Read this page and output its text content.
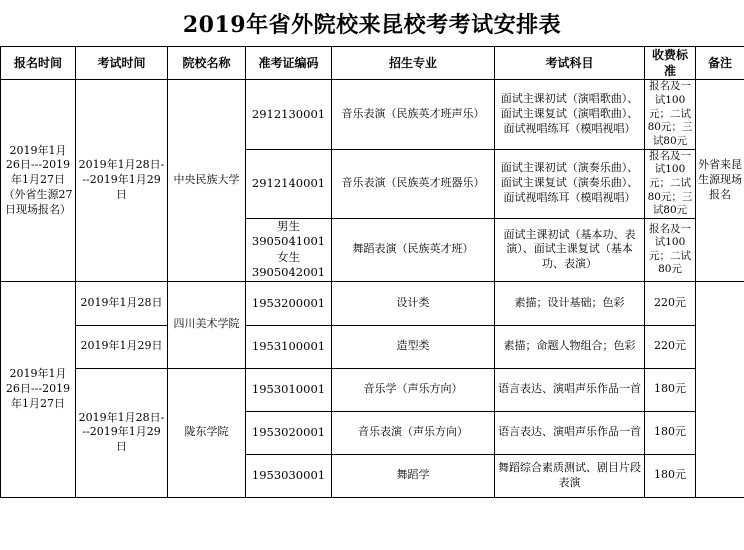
2019年省外院校来昆校考考试安排表
报名时间	考试时间	院校名称	准考证编码	招生专业	考试科目	收费标准	备注
2019年1月26日---2019年1月27日（外省生源27日现场报名）	2019年1月28日---2019年1月29日	中央民族大学	2912130001	音乐表演（民族英才班声乐）	面试主课初试（演唱歌曲）、面试主课复试（演唱歌曲）、面试视唱练耳（模唱视唱）	报名及一试100元；二试80元；三试80元	外省来昆生源现场报名
			2912140001	音乐表演（民族英才班器乐）	面试主课初试（演奏乐曲）、面试主课复试（演奏乐曲）、面试视唱练耳（模唱视唱）	报名及一试100元；二试80元；三试80元	
			男生3905041001女生3905042001	舞蹈表演（民族英才班）	面试主课初试（基本功、表演）、面试主课复试（基本功、表演）	报名及一试100元；二试80元	
2019年1月26日---2019年1月27日	2019年1月28日	四川美术学院	1953200001	设计类	素描；设计基础；色彩	220元	
	2019年1月29日		1953100001	造型类	素描；命题人物组合；色彩	220元	
	2019年1月28日---2019年1月29日	陇东学院	1953010001	音乐学（声乐方向）	语言表达、演唱声乐作品一首	180元	
			1953020001	音乐表演（声乐方向）	语言表达、演唱声乐作品一首	180元	
			1953030001	舞蹈学	舞蹈综合素质测试、剧目片段表演	180元	
